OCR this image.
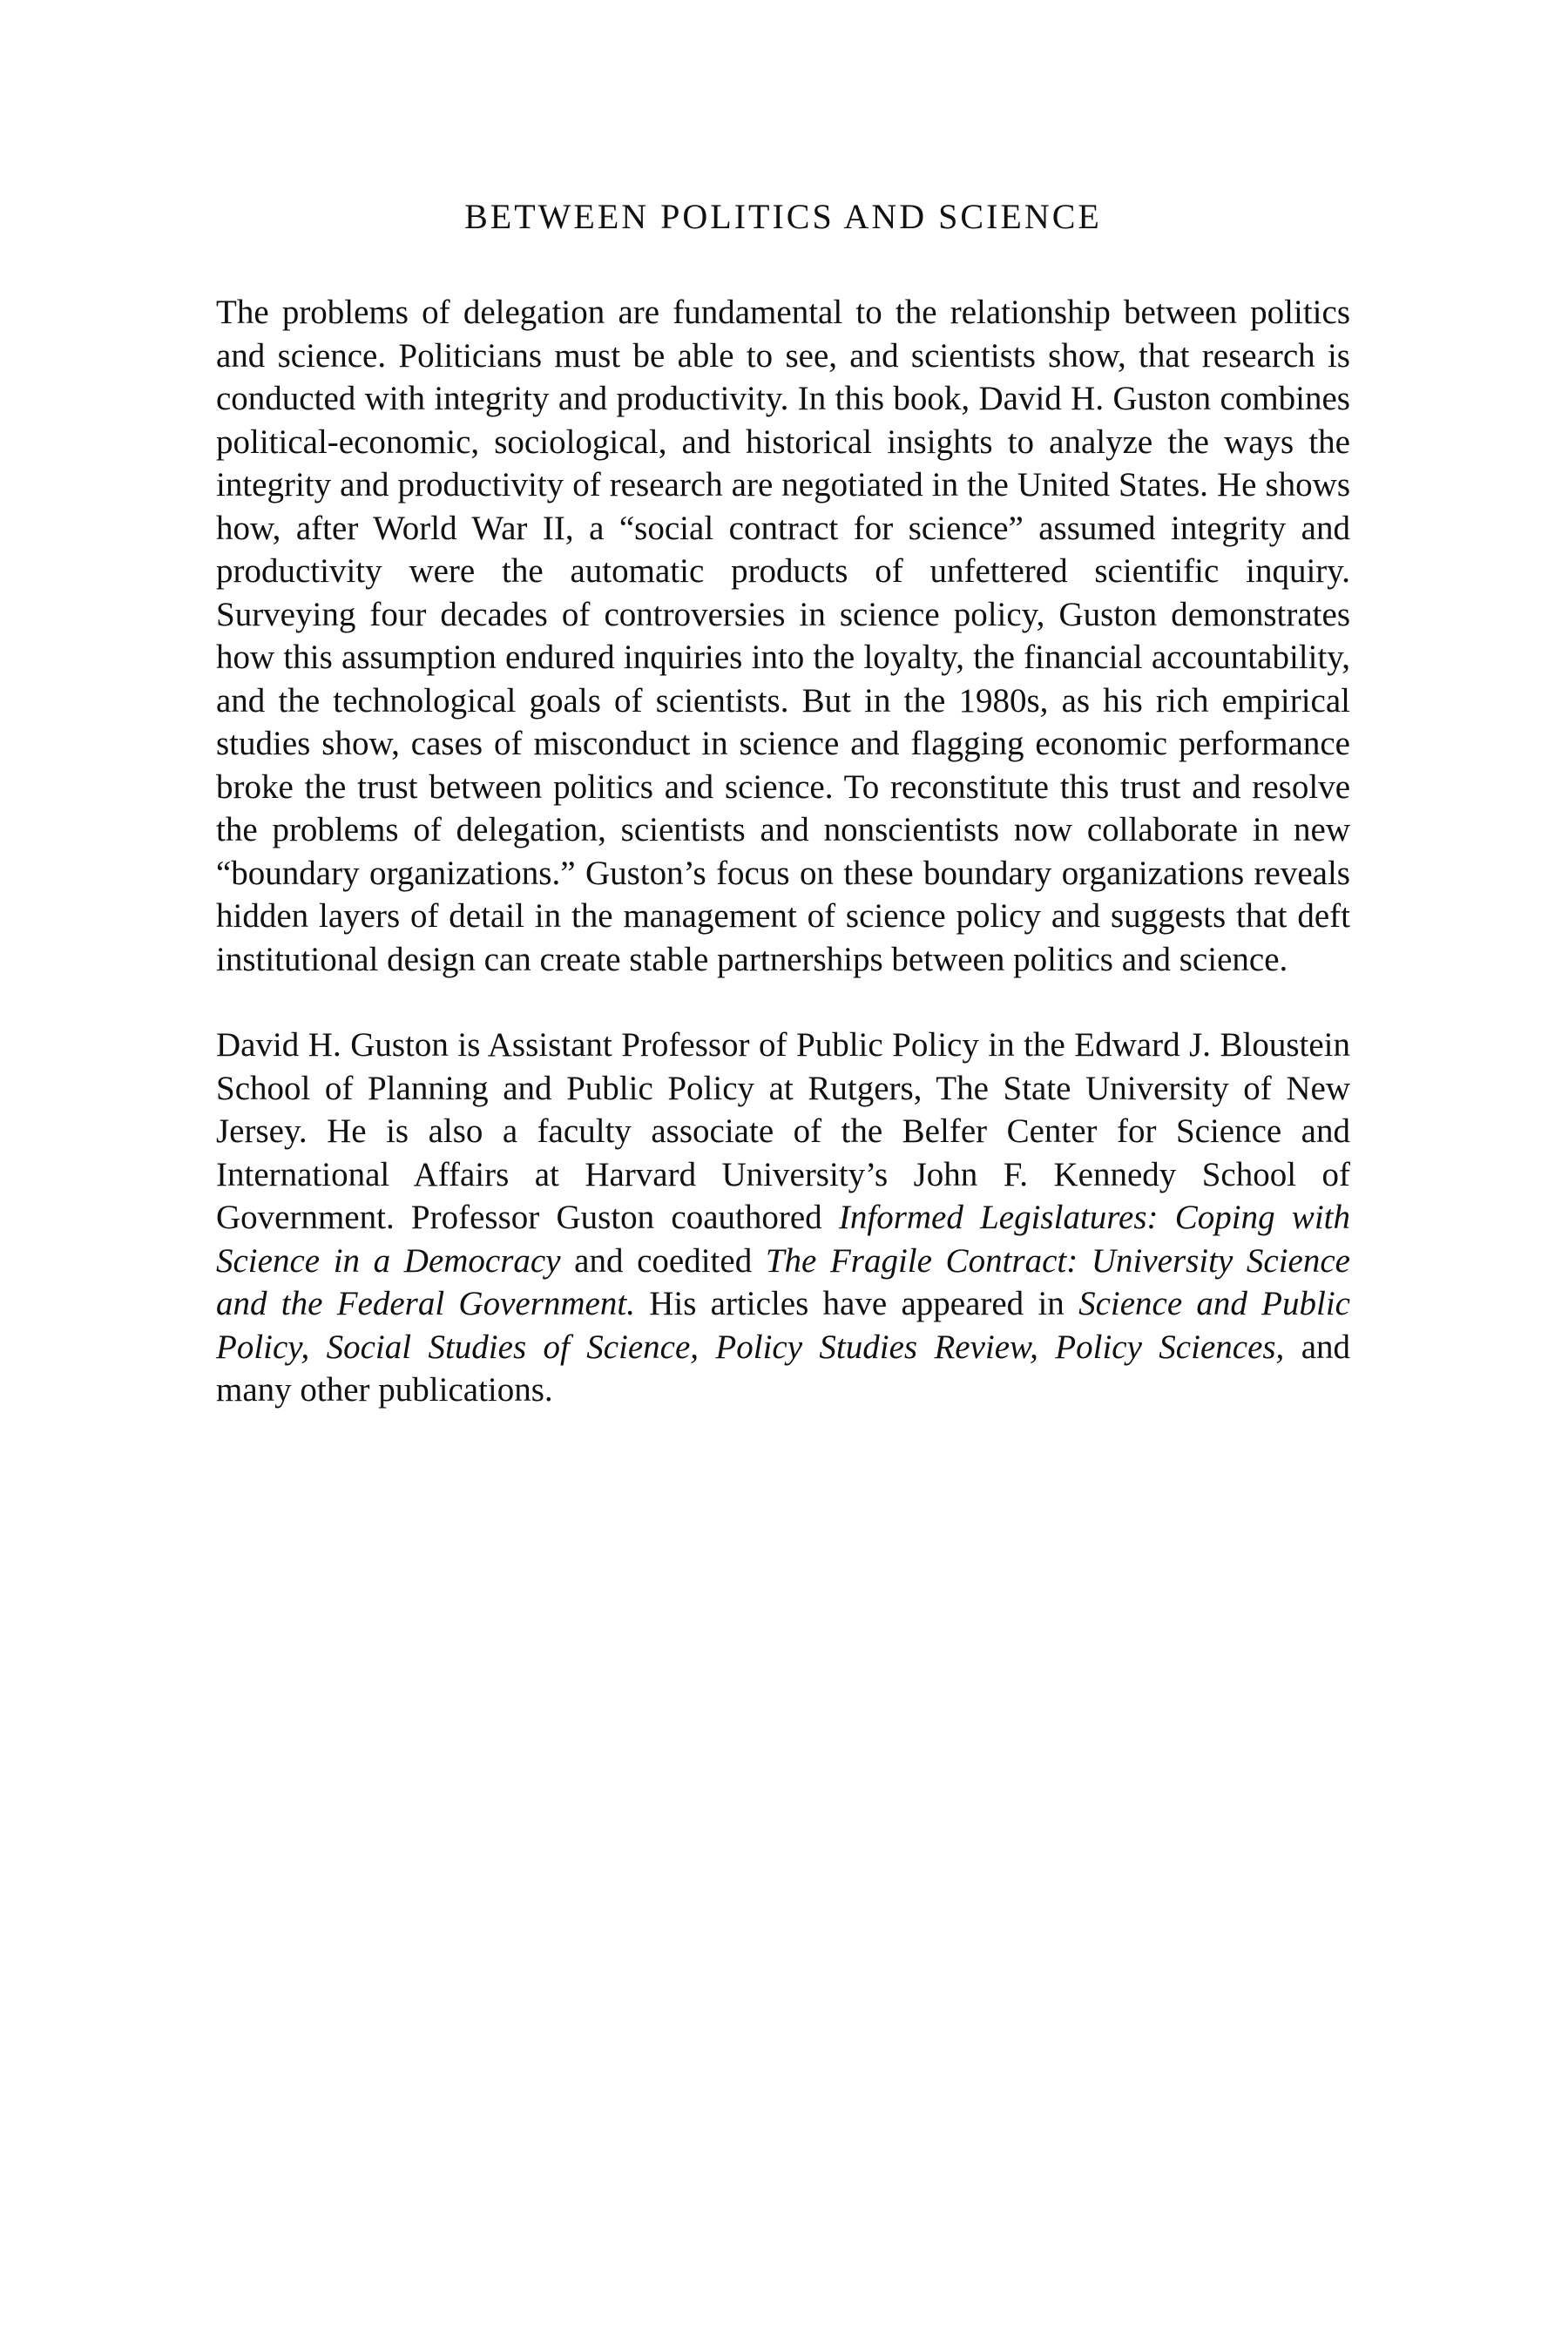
BETWEEN POLITICS AND SCIENCE

The problems of delegation are fundamental to the relationship between politics and science. Politicians must be able to see, and scientists show, that research is conducted with integrity and productivity. In this book, David H. Guston combines political-economic, sociological, and historical insights to analyze the ways the integrity and productivity of research are negotiated in the United States. He shows how, after World War II, a “social contract for science” assumed integrity and productivity were the automatic products of unfettered scientific inquiry. Surveying four decades of controversies in science policy, Guston demonstrates how this assumption endured inquiries into the loyalty, the financial accountability, and the technological goals of scientists. But in the 1980s, as his rich empirical studies show, cases of misconduct in science and flagging economic performance broke the trust between politics and science. To reconstitute this trust and resolve the problems of delegation, scientists and nonscientists now collaborate in new “boundary organizations.” Guston’s focus on these boundary organizations reveals hidden layers of detail in the management of science policy and suggests that deft institutional design can create stable partnerships between politics and science.

David H. Guston is Assistant Professor of Public Policy in the Edward J. Bloustein School of Planning and Public Policy at Rutgers, The State University of New Jersey. He is also a faculty associate of the Belfer Center for Science and International Affairs at Harvard University’s John F. Kennedy School of Government. Professor Guston coauthored Informed Legislatures: Coping with Science in a Democracy and coedited The Fragile Contract: University Science and the Federal Government. His articles have appeared in Science and Public Policy, Social Studies of Science, Policy Studies Review, Policy Sciences, and many other publications.
